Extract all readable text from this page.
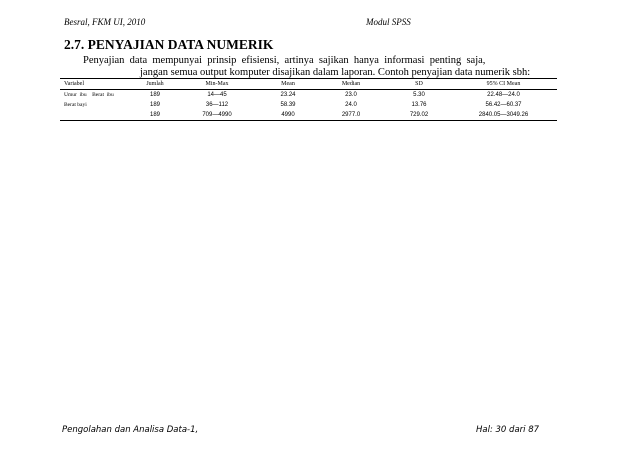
Besral, FKM UI, 2010	Modul SPSS
2.7. PENYAJIAN DATA NUMERIK
Penyajian  data  mempunyai  prinsip  efisiensi,  artinya  sajikan  hanya  informasi  penting  saja,
jangan semua output komputer disajikan dalam laporan. Contoh penyajian data numerik sbh:
Variabel	Jumlah	Min-Max	Mean	Median	SD	95% CI Mean
Umur  ibu    Berat  ibu	189	14—45	23.24	23.0	5.30	22.48—24.0
Berat bayi	189	36—112	58.39	24.0	13.76	56.42—60.37
	189	709—4990	4990	2977.0	729.02	2840.05—3049.26
Pengolahan dan Analisa Data-1,	Hal: 30 dari 87
